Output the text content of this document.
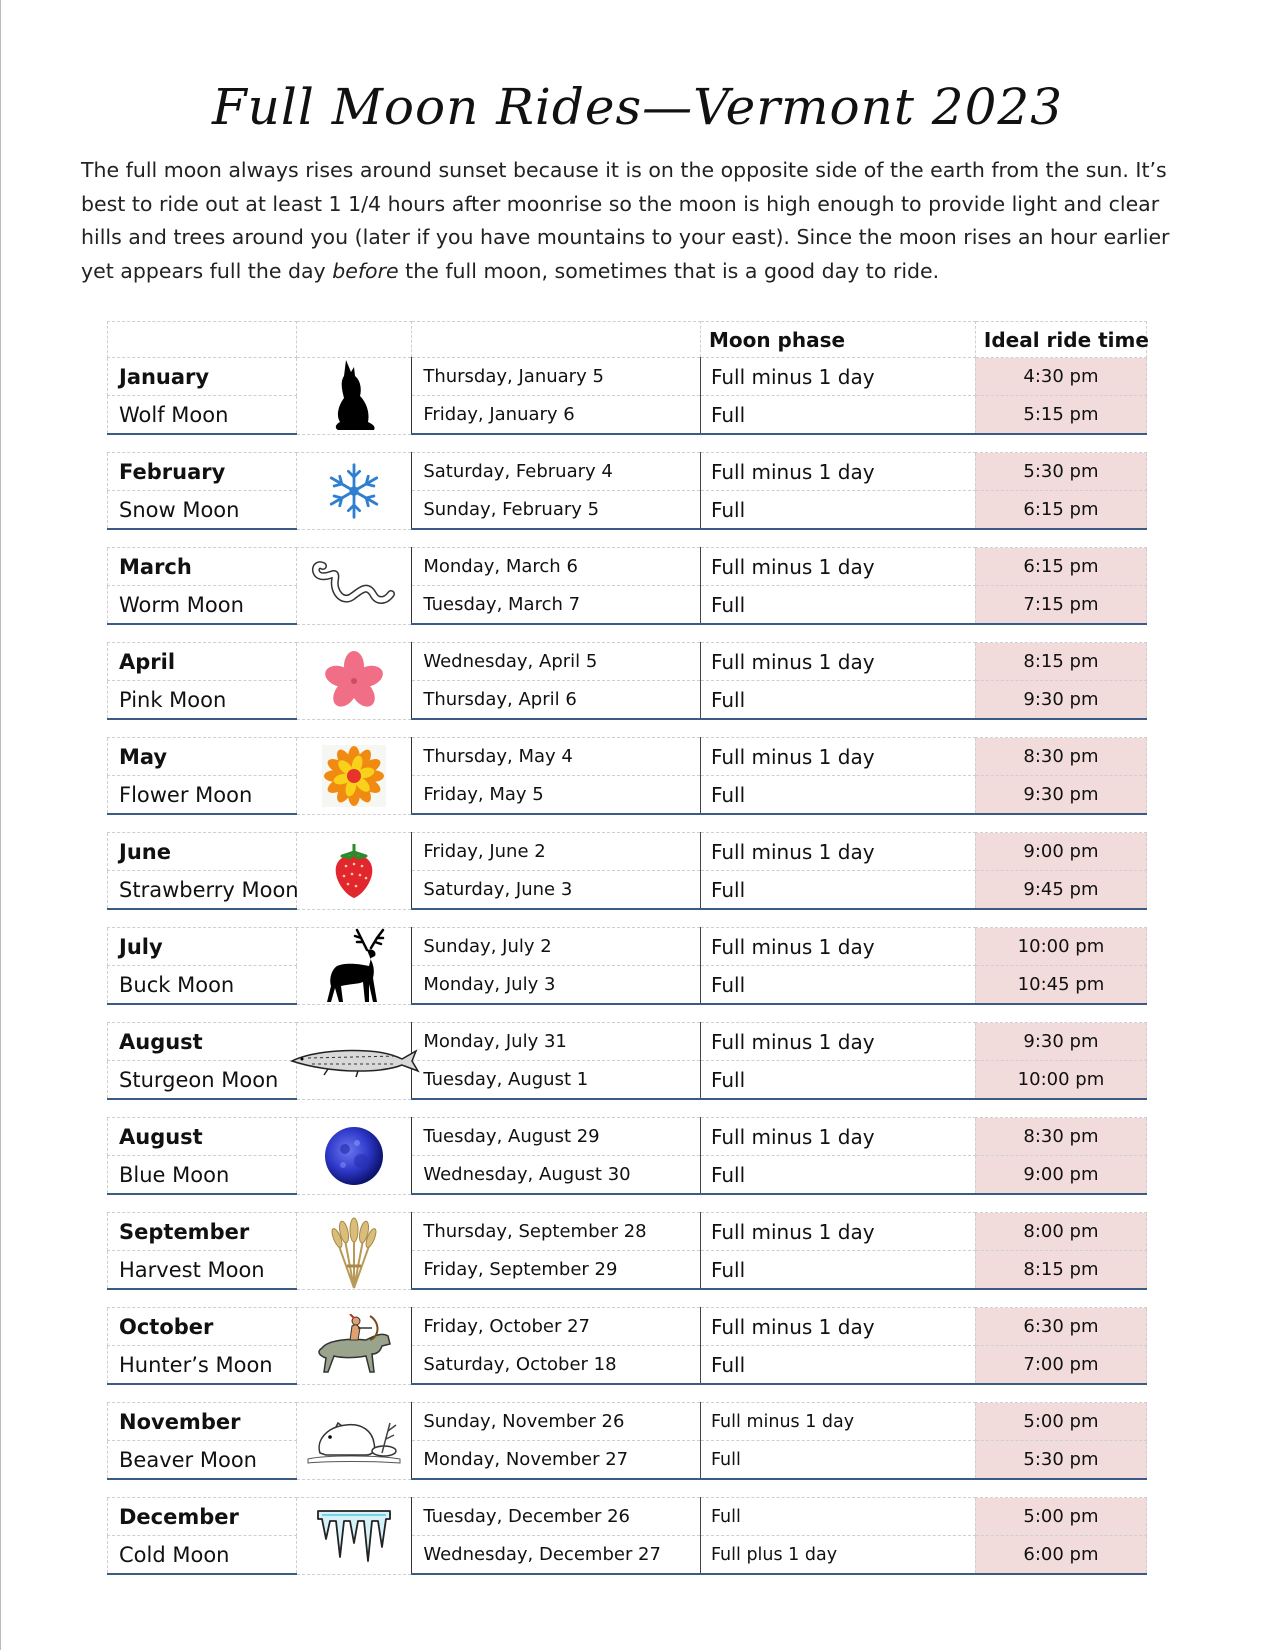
Full Moon Rides—Vermont 2023

The full moon always rises around sunset because it is on the opposite side of the earth from the sun. It’s best to ride out at least 1 1/4 hours after moonrise so the moon is high enough to provide light and clear hills and trees around you (later if you have mountains to your east). Since the moon rises an hour earlier yet appears full the day before the full moon, sometimes that is a good day to ride.

			Moon phase	Ideal ride time
January		Thursday, January 5	Full minus 1 day	4:30 pm
Wolf Moon		Friday, January 6	Full	5:15 pm

February		Saturday, February 4	Full minus 1 day	5:30 pm
Snow Moon		Sunday, February 5	Full	6:15 pm

March		Monday, March 6	Full minus 1 day	6:15 pm
Worm Moon		Tuesday, March 7	Full	7:15 pm

April		Wednesday, April 5	Full minus 1 day	8:15 pm
Pink Moon		Thursday, April 6	Full	9:30 pm

May		Thursday, May 4	Full minus 1 day	8:30 pm
Flower Moon		Friday, May 5	Full	9:30 pm

June		Friday, June 2	Full minus 1 day	9:00 pm
Strawberry Moon		Saturday, June 3	Full	9:45 pm

July		Sunday, July 2	Full minus 1 day	10:00 pm
Buck Moon		Monday, July 3	Full	10:45 pm

August		Monday, July 31	Full minus 1 day	9:30 pm
Sturgeon Moon		Tuesday, August 1	Full	10:00 pm

August		Tuesday, August 29	Full minus 1 day	8:30 pm
Blue Moon		Wednesday, August 30	Full	9:00 pm

September		Thursday, September 28	Full minus 1 day	8:00 pm
Harvest Moon		Friday, September 29	Full	8:15 pm

October		Friday, October 27	Full minus 1 day	6:30 pm
Hunter’s Moon		Saturday, October 18	Full	7:00 pm

November		Sunday, November 26	Full minus 1 day	5:00 pm
Beaver Moon		Monday, November 27	Full	5:30 pm

December		Tuesday, December 26	Full	5:00 pm
Cold Moon		Wednesday, December 27	Full plus 1 day	6:00 pm
